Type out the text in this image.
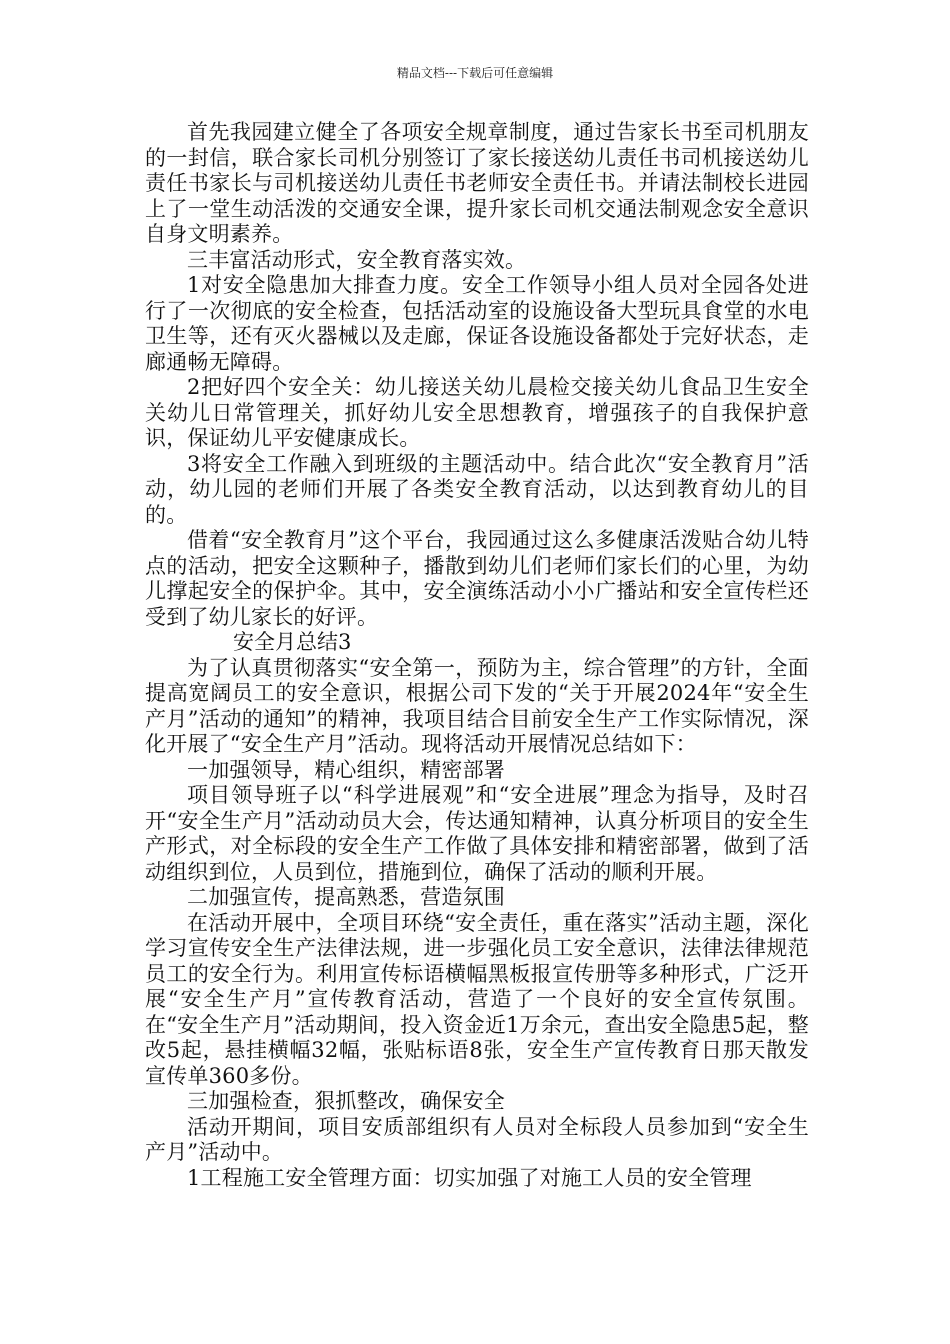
精品文档---下载后可任意编辑

首先我园建立健全了各项安全规章制度，通过告家长书至司机朋友的一封信，联合家长司机分别签订了家长接送幼儿责任书司机接送幼儿责任书家长与司机接送幼儿责任书老师安全责任书。并请法制校长进园上了一堂生动活泼的交通安全课，提升家长司机交通法制观念安全意识自身文明素养。

三丰富活动形式，安全教育落实效。

1对安全隐患加大排查力度。安全工作领导小组人员对全园各处进行了一次彻底的安全检查，包括活动室的设施设备大型玩具食堂的水电卫生等，还有灭火器械以及走廊，保证各设施设备都处于完好状态，走廊通畅无障碍。

2把好四个安全关：幼儿接送关幼儿晨检交接关幼儿食品卫生安全关幼儿日常管理关，抓好幼儿安全思想教育，增强孩子的自我保护意识，保证幼儿平安健康成长。

3将安全工作融入到班级的主题活动中。结合此次“安全教育月”活动，幼儿园的老师们开展了各类安全教育活动，以达到教育幼儿的目的。

借着“安全教育月”这个平台，我园通过这么多健康活泼贴合幼儿特点的活动，把安全这颗种子，播散到幼儿们老师们家长们的心里，为幼儿撑起安全的保护伞。其中，安全演练活动小小广播站和安全宣传栏还受到了幼儿家长的好评。

安全月总结3

为了认真贯彻落实“安全第一，预防为主，综合管理”的方针，全面提高宽阔员工的安全意识，根据公司下发的“关于开展2024年“安全生产月”活动的通知”的精神，我项目结合目前安全生产工作实际情况，深化开展了“安全生产月”活动。现将活动开展情况总结如下：

一加强领导，精心组织，精密部署

项目领导班子以“科学进展观”和“安全进展”理念为指导，及时召开“安全生产月”活动动员大会，传达通知精神，认真分析项目的安全生产形式，对全标段的安全生产工作做了具体安排和精密部署，做到了活动组织到位，人员到位，措施到位，确保了活动的顺利开展。

二加强宣传，提高熟悉，营造氛围

在活动开展中，全项目环绕“安全责任，重在落实”活动主题，深化学习宣传安全生产法律法规，进一步强化员工安全意识，法律法律规范员工的安全行为。利用宣传标语横幅黑板报宣传册等多种形式，广泛开展“安全生产月”宣传教育活动，营造了一个良好的安全宣传氛围。在“安全生产月”活动期间，投入资金近1万余元，查出安全隐患5起，整改5起，悬挂横幅32幅，张贴标语8张，安全生产宣传教育日那天散发宣传单360多份。

三加强检查，狠抓整改，确保安全

活动开期间，项目安质部组织有人员对全标段人员参加到“安全生产月”活动中。

1工程施工安全管理方面：切实加强了对施工人员的安全管理
